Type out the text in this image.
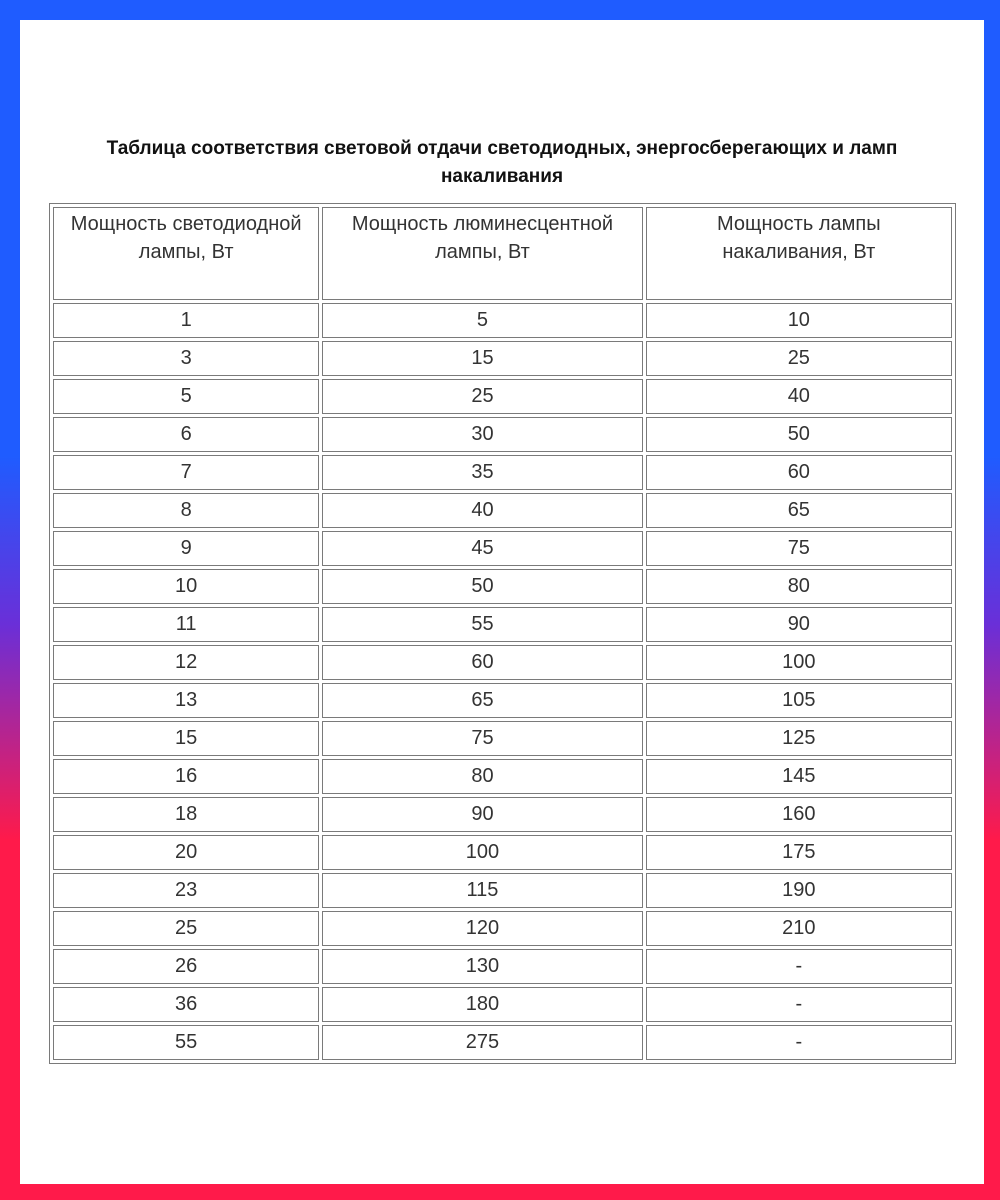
Таблица соответствия световой отдачи светодиодных, энергосберегающих и ламп накаливания
Мощность светодиодной лампы, Вт	Мощность люминесцентной лампы, Вт	Мощность лампы накаливания, Вт

1	5	10
3	15	25
5	25	40
6	30	50
7	35	60
8	40	65
9	45	75
10	50	80
11	55	90
12	60	100
13	65	105
15	75	125
16	80	145
18	90	160
20	100	175
23	115	190
25	120	210
26	130	-
36	180	-
55	275	-
